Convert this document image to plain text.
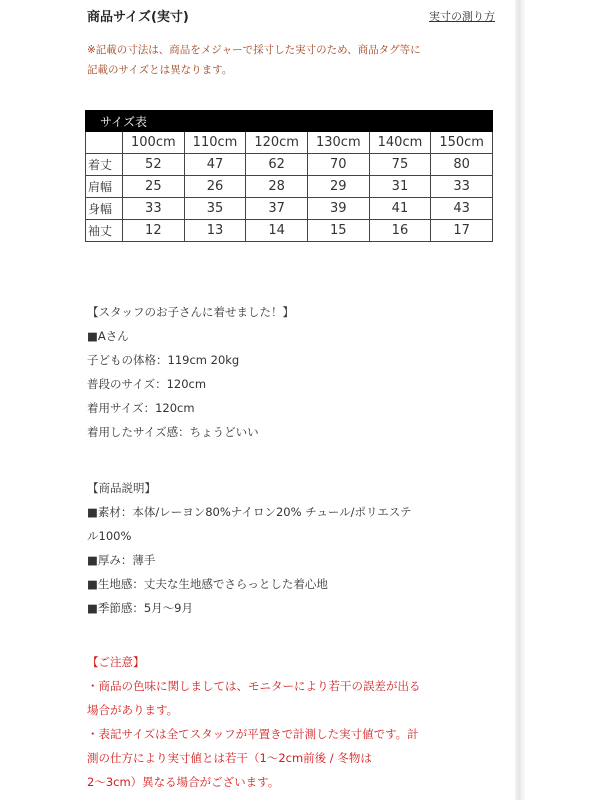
商品サイズ(実寸)	実寸の測り方
※記載の寸法は、商品をメジャーで採寸した実寸のため、商品タグ等に
記載のサイズとは異なります。
サイズ表						
	100cm	110cm	120cm	130cm	140cm	150cm
着丈	52	47	62	70	75	80
肩幅	25	26	28	29	31	33
身幅	33	35	37	39	41	43
袖丈	12	13	14	15	16	17
【スタッフのお子さんに着せました！】
■Aさん
子どもの体格：119cm 20kg
普段のサイズ：120cm
着用サイズ：120cm
着用したサイズ感：ちょうどいい
【商品説明】
■素材：本体/レーヨン80%ナイロン20% チュール/ポリエステ
ル100%
■厚み：薄手
■生地感：丈夫な生地感でさらっとした着心地
■季節感：5月〜9月
【ご注意】
・商品の色味に関しましては、モニターにより若干の誤差が出る
場合があります。
・表記サイズは全てスタッフが平置きで計測した実寸値です。計
測の仕方により実寸値とは若干（1〜2cm前後 / 冬物は
2〜3cm）異なる場合がございます。
